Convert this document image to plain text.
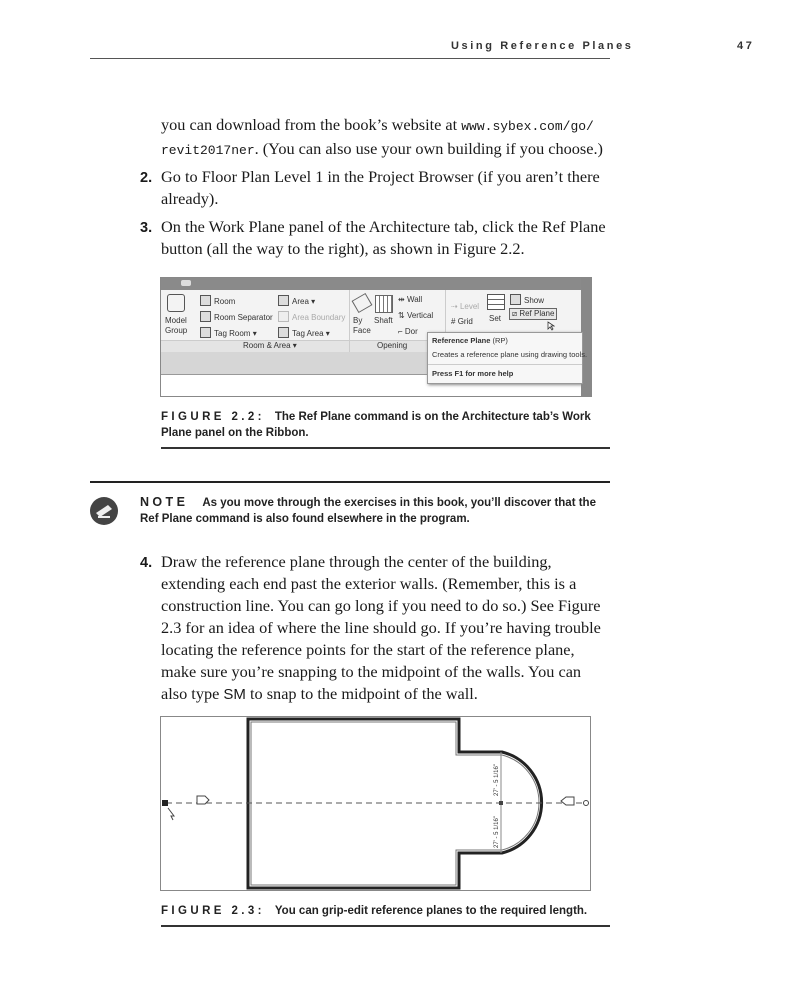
Using Reference Planes	47
you can download from the book’s website at www.sybex.com/go/ revit2017ner. (You can also use your own building if you choose.)
2. Go to Floor Plan Level 1 in the Project Browser (if you aren’t there already).
3. On the Work Plane panel of the Architecture tab, click the Ref Plane button (all the way to the right), as shown in Figure 2.2.
Model Group
Room
Room Separator
Tag Room ▾
Area ▾
Area Boundary
Tag Area ▾
Room & Area ▾
By Face
Shaft
⇹ Wall
⇅ Vertical
⌐ Dor
Opening
⇢ Level
# Grid Set
Show
⧄ Ref Plane
Reference Plane (RP)
Creates a reference plane using drawing tools.
Press F1 for more help
FIGURE 2.2: The Ref Plane command is on the Architecture tab’s Work Plane panel on the Ribbon.
NOTE As you move through the exercises in this book, you’ll discover that the Ref Plane command is also found elsewhere in the program.
4. Draw the reference plane through the center of the building, extending each end past the exterior walls. (Remember, this is a construction line. You can go long if you need to do so.) See Figure 2.3 for an idea of where the line should go. If you’re having trouble locating the reference points for the start of the reference plane, make sure you’re snapping to the midpoint of the walls. You can also type SM to snap to the midpoint of the wall.
27' - 5 1/16"
27' - 5 1/16"
FIGURE 2.3: You can grip-edit reference planes to the required length.
